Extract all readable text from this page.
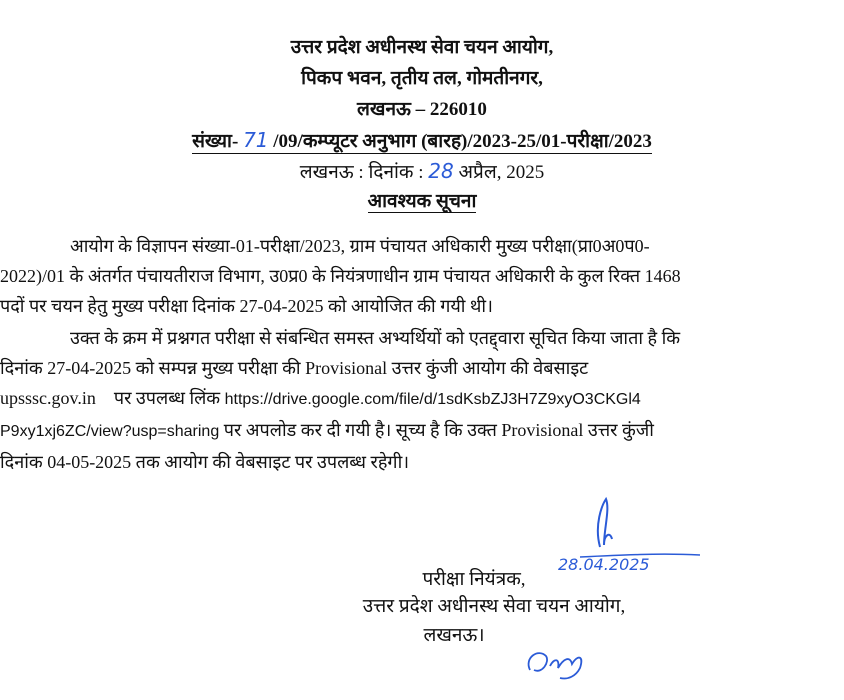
उत्तर प्रदेश अधीनस्थ सेवा चयन आयोग,
पिकप भवन, तृतीय तल, गोमतीनगर,
लखनऊ – 226010
संख्या- 71 /09/कम्प्यूटर अनुभाग (बारह)/2023-25/01-परीक्षा/2023
लखनऊ : दिनांक : 28 अप्रैल, 2025
आवश्यक सूचना
आयोग के विज्ञापन संख्या-01-परीक्षा/2023, ग्राम पंचायत अधिकारी मुख्य परीक्षा(प्रा0अ0प0-
2022)/01 के अंतर्गत पंचायतीराज विभाग, उ0प्र0 के नियंत्रणाधीन ग्राम पंचायत अधिकारी के कुल रिक्त 1468
पदों पर चयन हेतु मुख्य परीक्षा दिनांक 27-04-2025 को आयोजित की गयी थी।
उक्त के क्रम में प्रश्नगत परीक्षा से संबन्धित समस्त अभ्यर्थियों को एतद्द्वारा सूचित किया जाता है कि
दिनांक 27-04-2025 को सम्पन्न मुख्य परीक्षा की Provisional उत्तर कुंजी आयोग की वेबसाइट
upsssc.gov.in पर उपलब्ध लिंक https://drive.google.com/file/d/1sdKsbZJ3H7Z9xyO3CKGl4
P9xy1xj6ZC/view?usp=sharing पर अपलोड कर दी गयी है। सूच्य है कि उक्त Provisional उत्तर कुंजी
दिनांक 04-05-2025 तक आयोग की वेबसाइट पर उपलब्ध रहेगी।
28.04.2025
परीक्षा नियंत्रक,
उत्तर प्रदेश अधीनस्थ सेवा चयन आयोग,
लखनऊ।
